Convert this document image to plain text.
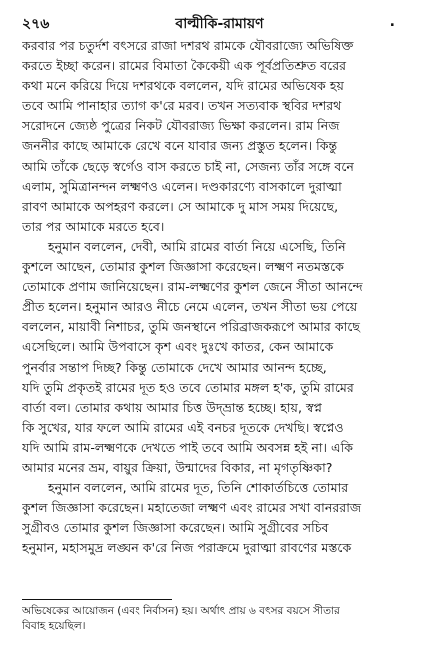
২৭৬	বাল্মীকি-রামায়ণ	.
করবার পর চতুর্দশ বৎসরে রাজা দশরথ রামকে যৌবরাজ্যে অভিষিক্ত
করতে ইচ্ছা করেন। রামের বিমাতা কৈকেয়ী এক পূর্বপ্রতিশ্রুত বরের
কথা মনে করিয়ে দিয়ে দশরথকে বললেন, যদি রামের অভিষেক হয়
তবে আমি পানাহার ত্যাগ ক'রে মরব। তখন সত্যবাক স্থবির দশরথ
সরোদনে জ্যেষ্ঠ পুত্রের নিকট যৌবরাজ্য ভিক্ষা করলেন। রাম নিজ
জননীর কাছে আমাকে রেখে বনে যাবার জন্য প্রস্তুত হলেন। কিন্তু
আমি তাঁকে ছেড়ে স্বর্গেও বাস করতে চাই না, সেজন্য তাঁর সঙ্গে বনে
এলাম, সুমিত্রানন্দন লক্ষ্মণও এলেন। দণ্ডকারণ্যে বাসকালে দুরাত্মা
রাবণ আমাকে অপহরণ করলে। সে আমাকে দু মাস সময় দিয়েছে,
তার পর আমাকে মরতে হবে।
হনুমান বললেন, দেবী, আমি রামের বার্তা নিয়ে এসেছি, তিনি
কুশলে আছেন, তোমার কুশল জিজ্ঞাসা করেছেন। লক্ষ্মণ নতমস্তকে
তোমাকে প্রণাম জানিয়েছেন। রাম-লক্ষ্মণের কুশল জেনে সীতা আনন্দে
প্রীত হলেন। হনুমান আরও নীচে নেমে এলেন, তখন সীতা ভয় পেয়ে
বললেন, মায়াবী নিশাচর, তুমি জনস্থানে পরিব্রাজকরূপে আমার কাছে
এসেছিলে। আমি উপবাসে কৃশ এবং দুঃখে কাতর, কেন আমাকে
পুনর্বার সন্তাপ দিচ্ছ? কিন্তু তোমাকে দেখে আমার আনন্দ হচ্ছে,
যদি তুমি প্রকৃতই রামের দূত হও তবে তোমার মঙ্গল হ'ক, তুমি রামের
বার্তা বল। তোমার কথায় আমার চিত্ত উদ্‌ভ্রান্ত হচ্ছে। হায়, স্বপ্ন
কি সুখের, যার ফলে আমি রামের এই বনচর দূতকে দেখছি। স্বপ্নেও
যদি আমি রাম-লক্ষ্মণকে দেখতে পাই তবে আমি অবসন্ন হই না। একি
আমার মনের ভ্রম, বায়ুর ক্রিয়া, উন্মাদের বিকার, না মৃগতৃষ্ণিকা?
হনুমান বললেন, আমি রামের দূত, তিনি শোকার্তচিত্তে তোমার
কুশল জিজ্ঞাসা করেছেন। মহাতেজা লক্ষ্মণ এবং রামের সখা বানররাজ
সুগ্রীবও তোমার কুশল জিজ্ঞাসা করেছেন। আমি সুগ্রীবের সচিব
হনুমান, মহাসমুদ্র লঙ্ঘন ক'রে নিজ পরাক্রমে দুরাত্মা রাবণের মস্তকে
অভিষেকের আয়োজন (এবং নির্বাসন) হয়। অর্থাৎ প্রায় ৬ বৎসর বয়সে সীতার
বিবাহ হয়েছিল।
